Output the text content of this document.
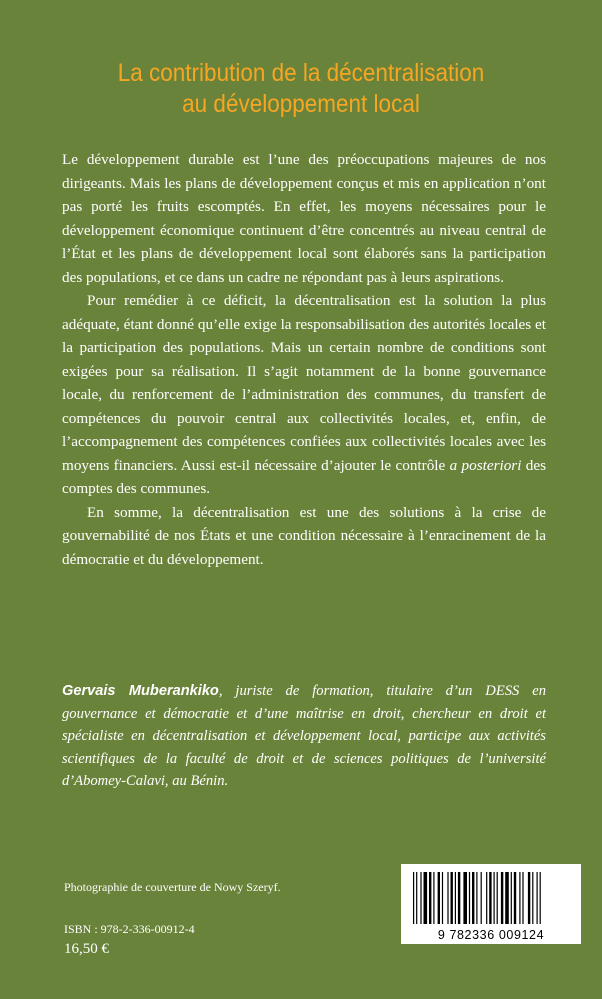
La contribution de la décentralisation
au développement local

Le développement durable est l’une des préoccupations majeures de nos dirigeants. Mais les plans de développement conçus et mis en application n’ont pas porté les fruits escomptés. En effet, les moyens nécessaires pour le développement économique continuent d’être concentrés au niveau central de l’État et les plans de développement local sont élaborés sans la participation des populations, et ce dans un cadre ne répondant pas à leurs aspirations.

Pour remédier à ce déficit, la décentralisation est la solution la plus adéquate, étant donné qu’elle exige la responsabilisation des autorités locales et la participation des populations. Mais un certain nombre de conditions sont exigées pour sa réalisation. Il s’agit notamment de la bonne gouvernance locale, du renforcement de l’administration des communes, du transfert de compétences du pouvoir central aux collectivités locales, et, enfin, de l’accompagnement des compétences confiées aux collectivités locales avec les moyens financiers. Aussi est-il nécessaire d’ajouter le contrôle a posteriori des comptes des communes.

En somme, la décentralisation est une des solutions à la crise de gouvernabilité de nos États et une condition nécessaire à l’enracinement de la démocratie et du développement.

Gervais Muberankiko, juriste de formation, titulaire d’un DESS en gouvernance et démocratie et d’une maîtrise en droit, chercheur en droit et spécialiste en décentralisation et développement local, participe aux activités scientifiques de la faculté de droit et de sciences politiques de l’université d’Abomey-Calavi, au Bénin.
Photographie de couverture de Nowy Szeryf.
ISBN : 978-2-336-00912-4
16,50 €
9 782336 009124
